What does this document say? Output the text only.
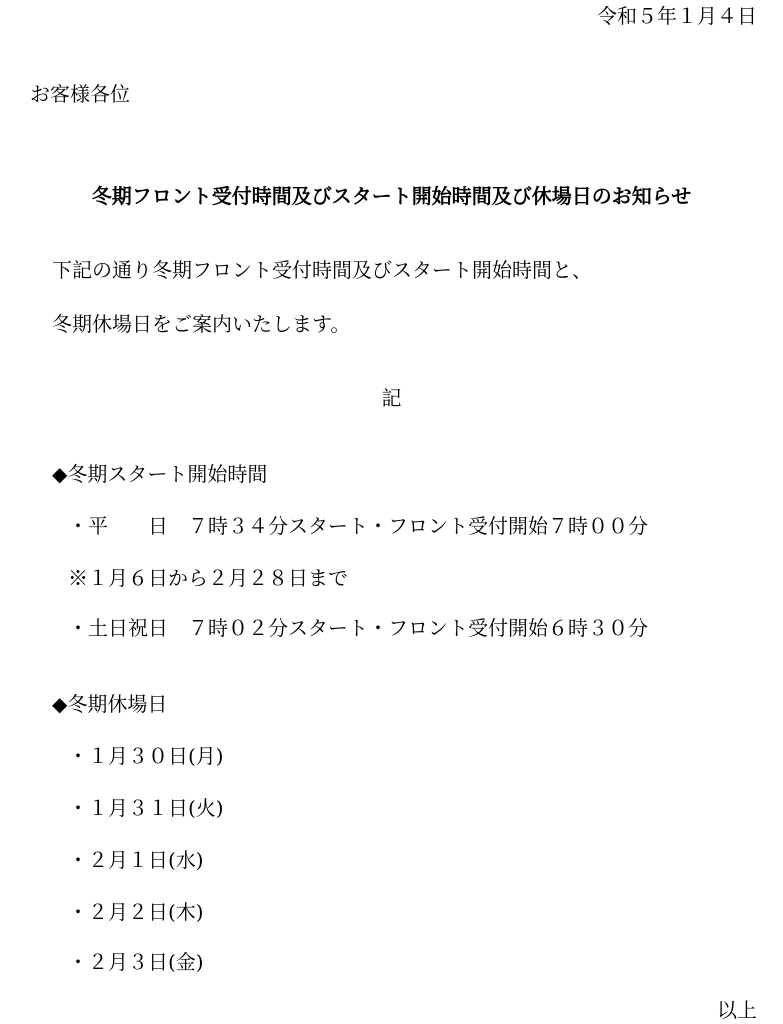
令和５年１月４日
お客様各位
冬期フロント受付時間及びスタート開始時間及び休場日のお知らせ
下記の通り冬期フロント受付時間及びスタート開始時間と、
冬期休場日をご案内いたします。
記
◆冬期スタート開始時間
・平　　日 ７時３４分スタート・フロント受付開始７時００分
※１月６日から２月２８日まで
・土日祝日 ７時０２分スタート・フロント受付開始６時３０分
◆冬期休場日
・１月３０日(月)
・１月３１日(火)
・２月１日(水)
・２月２日(木)
・２月３日(金)
以上
